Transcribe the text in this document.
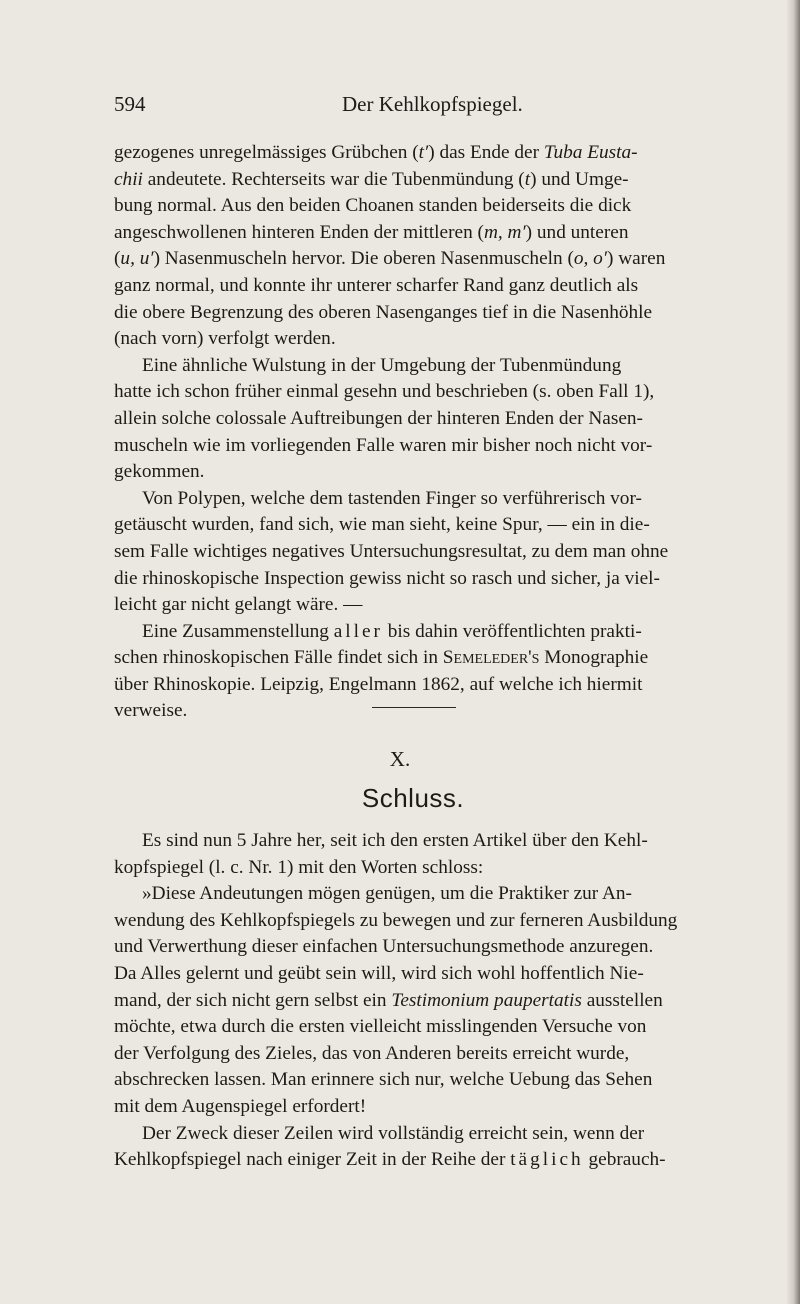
594	Der Kehlkopfspiegel.

gezogenes unregelmässiges Grübchen (t′) das Ende der Tuba Eusta-
chii andeutete. Rechterseits war die Tubenmündung (t) und Umge-
bung normal. Aus den beiden Choanen standen beiderseits die dick
angeschwollenen hinteren Enden der mittleren (m, m′) und unteren
(u, u′) Nasenmuscheln hervor. Die oberen Nasenmuscheln (o, o′) waren
ganz normal, und konnte ihr unterer scharfer Rand ganz deutlich als
die obere Begrenzung des oberen Nasenganges tief in die Nasenhöhle
(nach vorn) verfolgt werden.

Eine ähnliche Wulstung in der Umgebung der Tubenmündung
hatte ich schon früher einmal gesehn und beschrieben (s. oben Fall 1),
allein solche colossale Auftreibungen der hinteren Enden der Nasen-
muscheln wie im vorliegenden Falle waren mir bisher noch nicht vor-
gekommen.

Von Polypen, welche dem tastenden Finger so verführerisch vor-
getäuscht wurden, fand sich, wie man sieht, keine Spur, — ein in die-
sem Falle wichtiges negatives Untersuchungsresultat, zu dem man ohne
die rhinoskopische Inspection gewiss nicht so rasch und sicher, ja viel-
leicht gar nicht gelangt wäre. —

Eine Zusammenstellung aller bis dahin veröffentlichten prakti-
schen rhinoskopischen Fälle findet sich in Semeleder's Monographie
über Rhinoskopie. Leipzig, Engelmann 1862, auf welche ich hiermit
verweise.

X.
Schluss.

Es sind nun 5 Jahre her, seit ich den ersten Artikel über den Kehl-
kopfspiegel (l. c. Nr. 1) mit den Worten schloss:

»Diese Andeutungen mögen genügen, um die Praktiker zur An-
wendung des Kehlkopfspiegels zu bewegen und zur ferneren Ausbildung
und Verwerthung dieser einfachen Untersuchungsmethode anzuregen.
Da Alles gelernt und geübt sein will, wird sich wohl hoffentlich Nie-
mand, der sich nicht gern selbst ein Testimonium paupertatis ausstellen
möchte, etwa durch die ersten vielleicht misslingenden Versuche von
der Verfolgung des Zieles, das von Anderen bereits erreicht wurde,
abschrecken lassen. Man erinnere sich nur, welche Uebung das Sehen
mit dem Augenspiegel erfordert!

Der Zweck dieser Zeilen wird vollständig erreicht sein, wenn der
Kehlkopfspiegel nach einiger Zeit in der Reihe der täglich gebrauch-
